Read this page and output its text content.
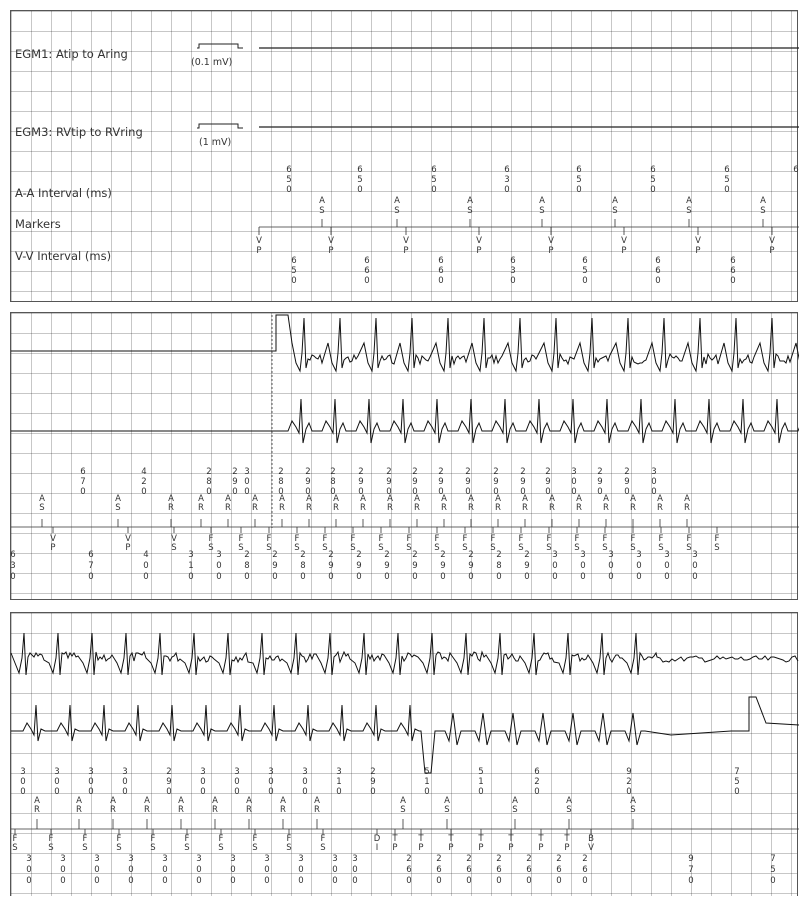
EGM1: Atip to Aring
EGM3: RVtip to RVring
A-A Interval (ms)
Markers
V-V Interval (ms)
(0.1 mV)
(1 mV)
6
5
0
6
5
0
6
5
0
6
3
0
6
5
0
6
5
0
6
5
0
6
A
S
A
S
A
S
A
S
A
S
A
S
A
S
V
P
V
P
V
P
V
P
V
P
V
P
V
P
V
P
6
5
0
6
6
0
6
6
0
6
3
0
6
5
0
6
6
0
6
6
0
6
7
0
4
2
0
2
8
0
2
9
0
3
0
0
2
8
0
2
9
0
2
8
0
2
9
0
2
9
0
2
9
0
2
9
0
2
9
0
2
9
0
2
9
0
2
9
0
3
0
0
2
9
0
2
9
0
3
0
0
A
S
A
S
A
R
A
R
A
R
A
R
A
R
A
R
A
R
A
R
A
R
A
R
A
R
A
R
A
R
A
R
A
R
A
R
A
R
A
R
A
R
A
R
V
P
V
P
V
S
F
S
F
S
F
S
F
S
F
S
F
S
F
S
F
S
F
S
F
S
F
S
F
S
F
S
F
S
F
S
F
S
F
S
F
S
F
S
6
3
0
6
7
0
4
0
0
3
1
0
3
0
0
2
8
0
2
9
0
2
8
0
2
9
0
2
9
0
2
9
0
2
9
0
2
9
0
2
9
0
2
8
0
2
9
0
3
0
0
3
0
0
3
0
0
3
0
0
3
0
0
3
0
0
3
0
0
3
0
0
3
0
0
3
0
0
2
9
0
3
0
0
3
0
0
3
0
0
3
0
0
3
1
0
2
9
0
5
1
0
5
1
0
6
2
0
9
2
0
7
5
0
A
R
A
R
A
R
A
R
A
R
A
R
A
R
A
R
A
R
A
S
A
S
A
S
A
S
A
S
F
S
F
S
F
S
F
S
F
S
F
S
F
S
F
S
F
S
F
S
D
I
T
P
T
P
T
P
T
P
T
P
T
P
T
P
B
V
3
0
0
3
0
0
3
0
0
3
0
0
3
0
0
3
0
0
3
0
0
3
0
0
3
0
0
3
0
0
3
0
0
2
6
0
2
6
0
2
6
0
2
6
0
2
6
0
2
6
0
2
6
0
9
7
0
7
5
0
